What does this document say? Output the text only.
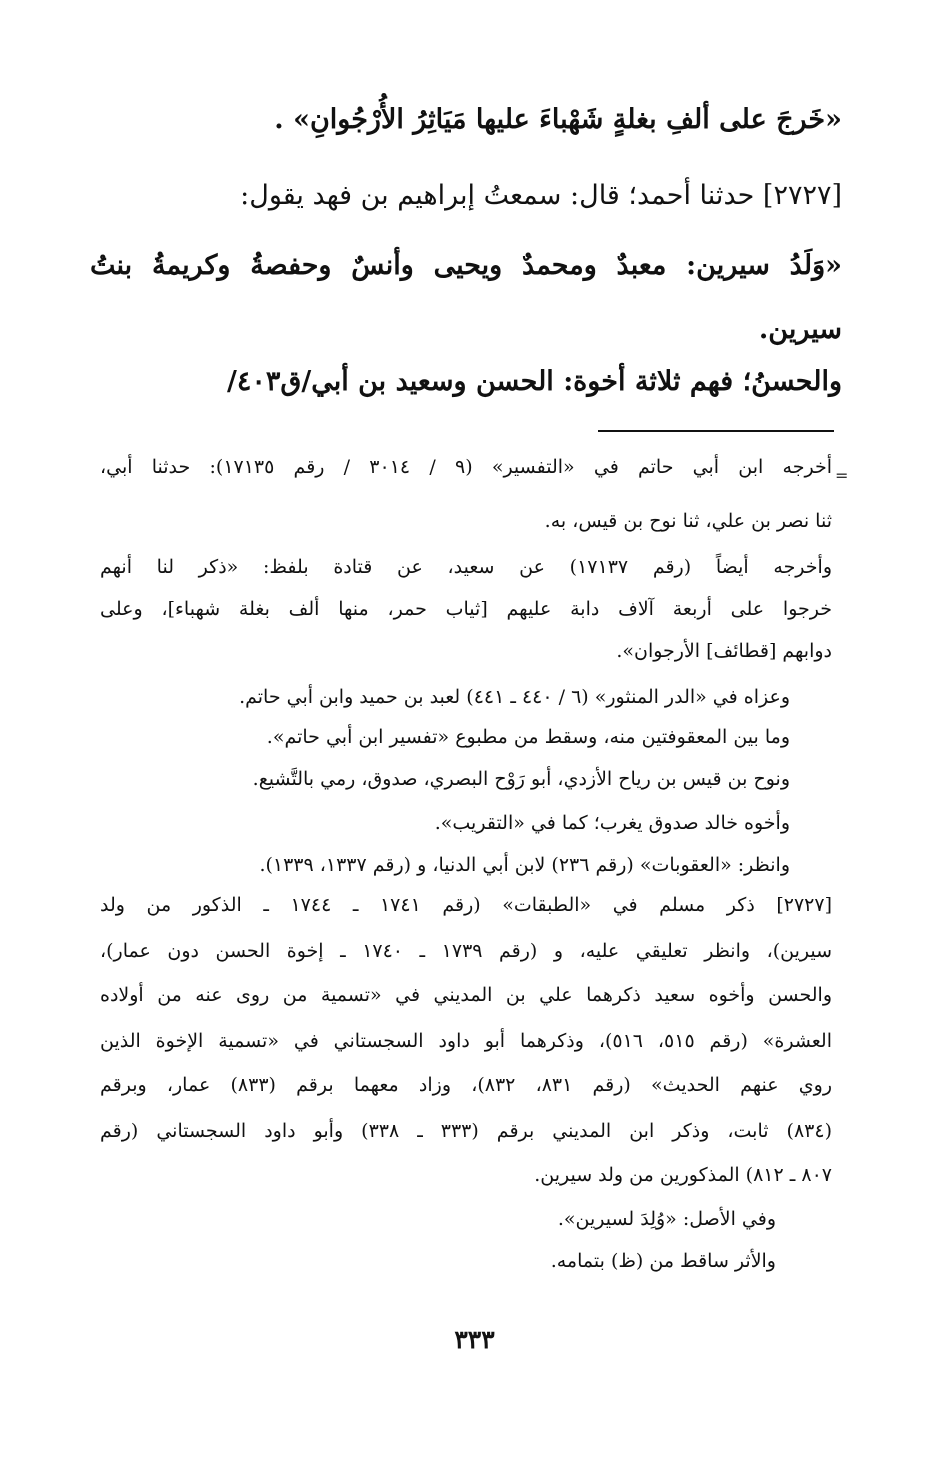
«خَرجَ على ألفِ بغلةٍ شَهْباءَ عليها مَيَاثِرُ الأُرْجُوانِ» .
[٢٧٢٧] حدثنا أحمد؛ قال: سمعتُ إبراهيم بن فهد يقول:
«وَلَدُ سيرين: معبدٌ ومحمدٌ ويحيى وأنسٌ وحفصةُ وكريمةُ بنتُ
سيرين.
والحسنُ؛ فهم ثلاثة أخوة: الحسن وسعيد بن أبي/ق٤٠٣/
=
أخرجه ابن أبي حاتم في «التفسير» (٩ / ٣٠١٤ / رقم ١٧١٣٥): حدثنا أبي،
ثنا نصر بن علي، ثنا نوح بن قيس، به.
وأخرجه أيضاً (رقم ١٧١٣٧) عن سعيد، عن قتادة بلفظ: «ذكر لنا أنهم
خرجوا على أربعة آلاف دابة عليهم [ثياب حمر، منها ألف بغلة شهباء]، وعلى
دوابهم [قطائف] الأرجوان».
وعزاه في «الدر المنثور» (٦ / ٤٤٠ ـ ٤٤١) لعبد بن حميد وابن أبي حاتم.
وما بين المعقوفتين منه، وسقط من مطبوع «تفسير ابن أبي حاتم».
ونوح بن قيس بن رياح الأزدي، أبو رَوْح البصري، صدوق، رمي بالتَّشيع.
وأخوه خالد صدوق يغرب؛ كما في «التقريب».
وانظر: «العقوبات» (رقم ٢٣٦) لابن أبي الدنيا، و (رقم ١٣٣٧، ١٣٣٩).
[٢٧٢٧] ذكر مسلم في «الطبقات» (رقم ١٧٤١ ـ ١٧٤٤ ـ الذكور من ولد
سيرين)، وانظر تعليقي عليه، و (رقم ١٧٣٩ ـ ١٧٤٠ ـ إخوة الحسن دون عمار)،
والحسن وأخوه سعيد ذكرهما علي بن المديني في «تسمية من روى عنه من أولاده
العشرة» (رقم ٥١٥، ٥١٦)، وذكرهما أبو داود السجستاني في «تسمية الإخوة الذين
روي عنهم الحديث» (رقم ٨٣١، ٨٣٢)، وزاد معهما برقم (٨٣٣) عمار، وبرقم
(٨٣٤) ثابت، وذكر ابن المديني برقم (٣٣٣ ـ ٣٣٨) وأبو داود السجستاني (رقم
٨٠٧ ـ ٨١٢) المذكورين من ولد سيرين.
وفي الأصل: «وُلِدَ لسيرين».
والأثر ساقط من (ظ) بتمامه.
٣٣٣
